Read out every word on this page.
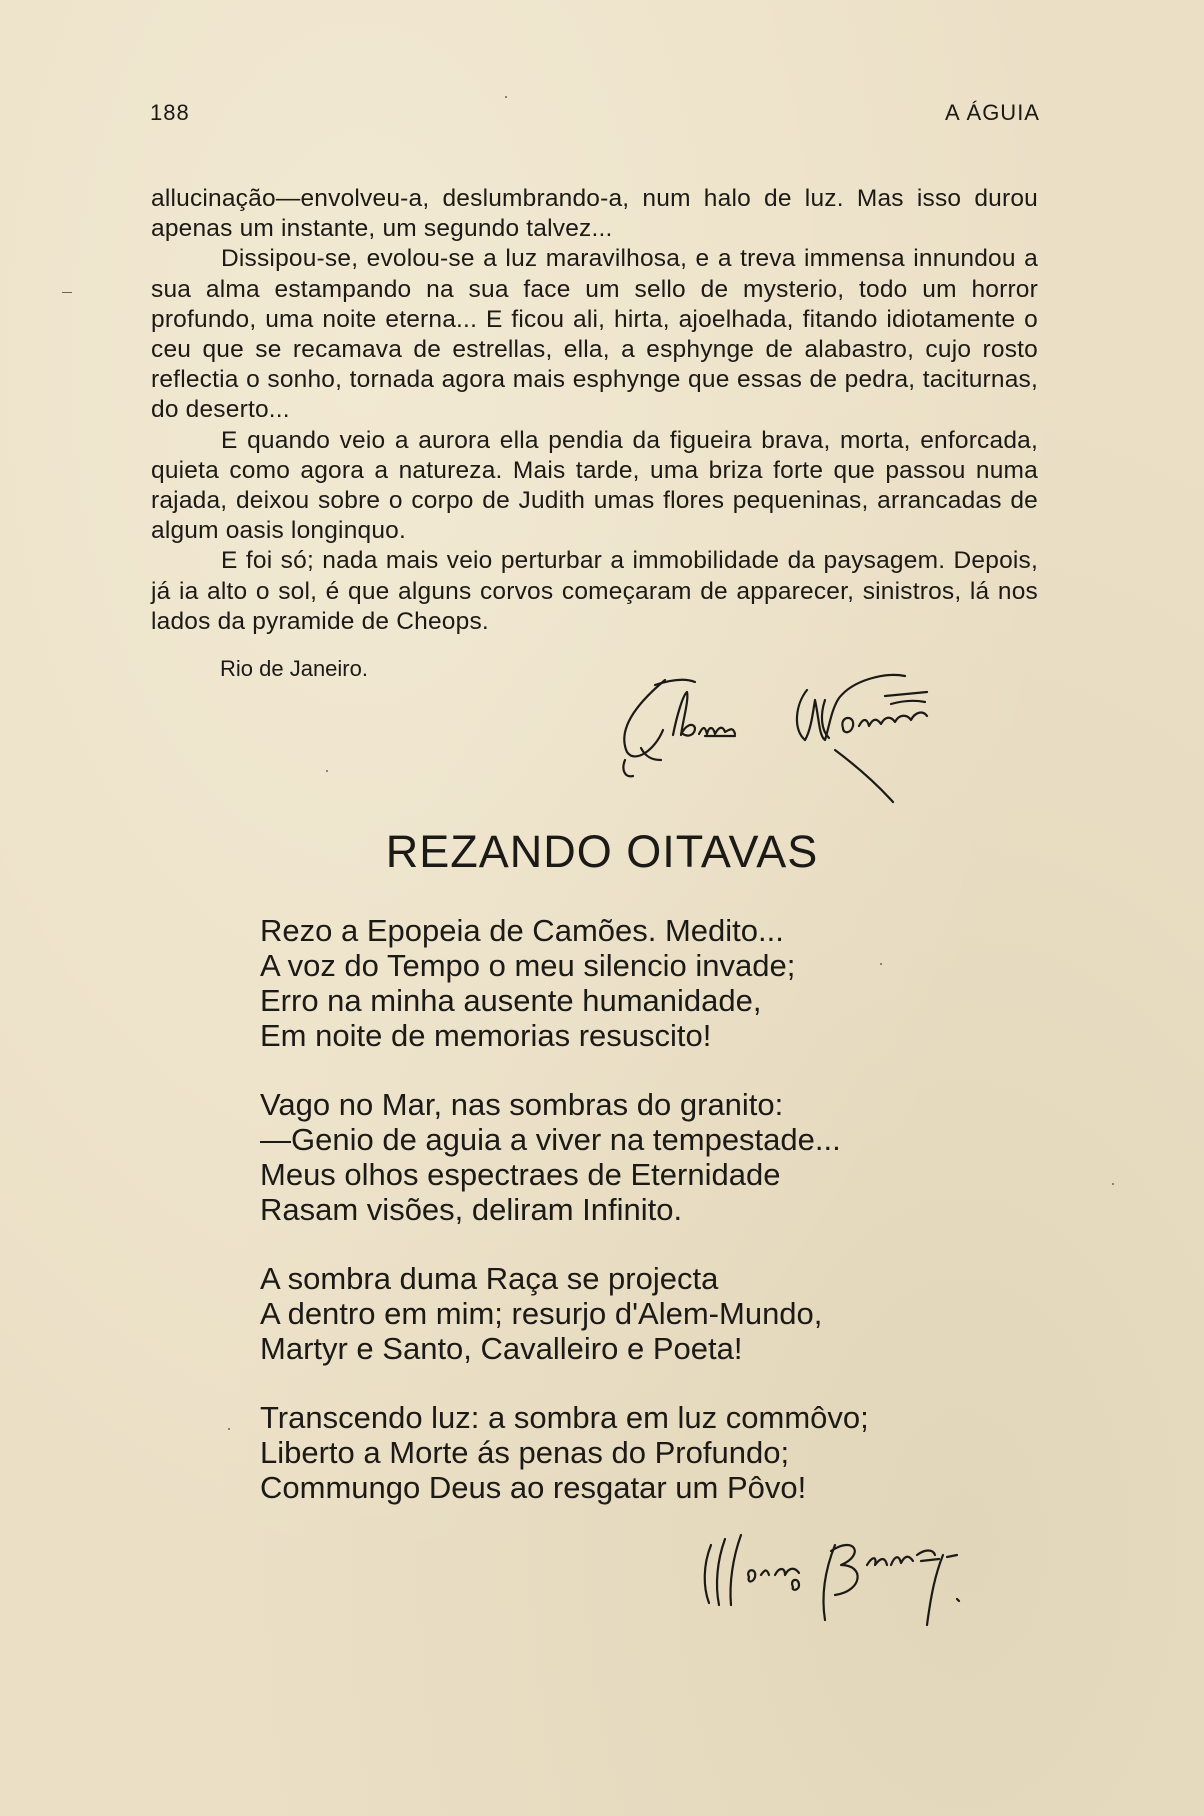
188	A ÁGUIA

allucinação—envolveu-a, deslumbrando-a, num halo de luz. Mas isso durou apenas um instante, um segundo talvez...

Dissipou-se, evolou-se a luz maravilhosa, e a treva immensa innundou a sua alma estampando na sua face um sello de mysterio, todo um horror profundo, uma noite eterna... E ficou ali, hirta, ajoelhada, fitando idiotamente o ceu que se recamava de estrellas, ella, a esphynge de alabastro, cujo rosto reflectia o sonho, tornada agora mais esphynge que essas de pedra, taciturnas, do deserto...

E quando veio a aurora ella pendia da figueira brava, morta, enforcada, quieta como agora a natureza. Mais tarde, uma briza forte que passou numa rajada, deixou sobre o corpo de Judith umas flores pequeninas, arrancadas de algum oasis longinquo.

E foi só; nada mais veio perturbar a immobilidade da paysagem. Depois, já ia alto o sol, é que alguns corvos começaram de apparecer, sinistros, lá nos lados da pyramide de Cheops.

Rio de Janeiro.
REZANDO OITAVAS
Rezo a Epopeia de Camões. Medito...
A voz do Tempo o meu silencio invade;
Erro na minha ausente humanidade,
Em noite de memorias resuscito!
Vago no Mar, nas sombras do granito:
—Genio de aguia a viver na tempestade...
Meus olhos espectraes de Eternidade
Rasam visões, deliram Infinito.
A sombra duma Raça se projecta
A dentro em mim; resurjo d'Alem-Mundo,
Martyr e Santo, Cavalleiro e Poeta!
Transcendo luz: a sombra em luz commôvo;
Liberto a Morte ás penas do Profundo;
Commungo Deus ao resgatar um Pôvo!
